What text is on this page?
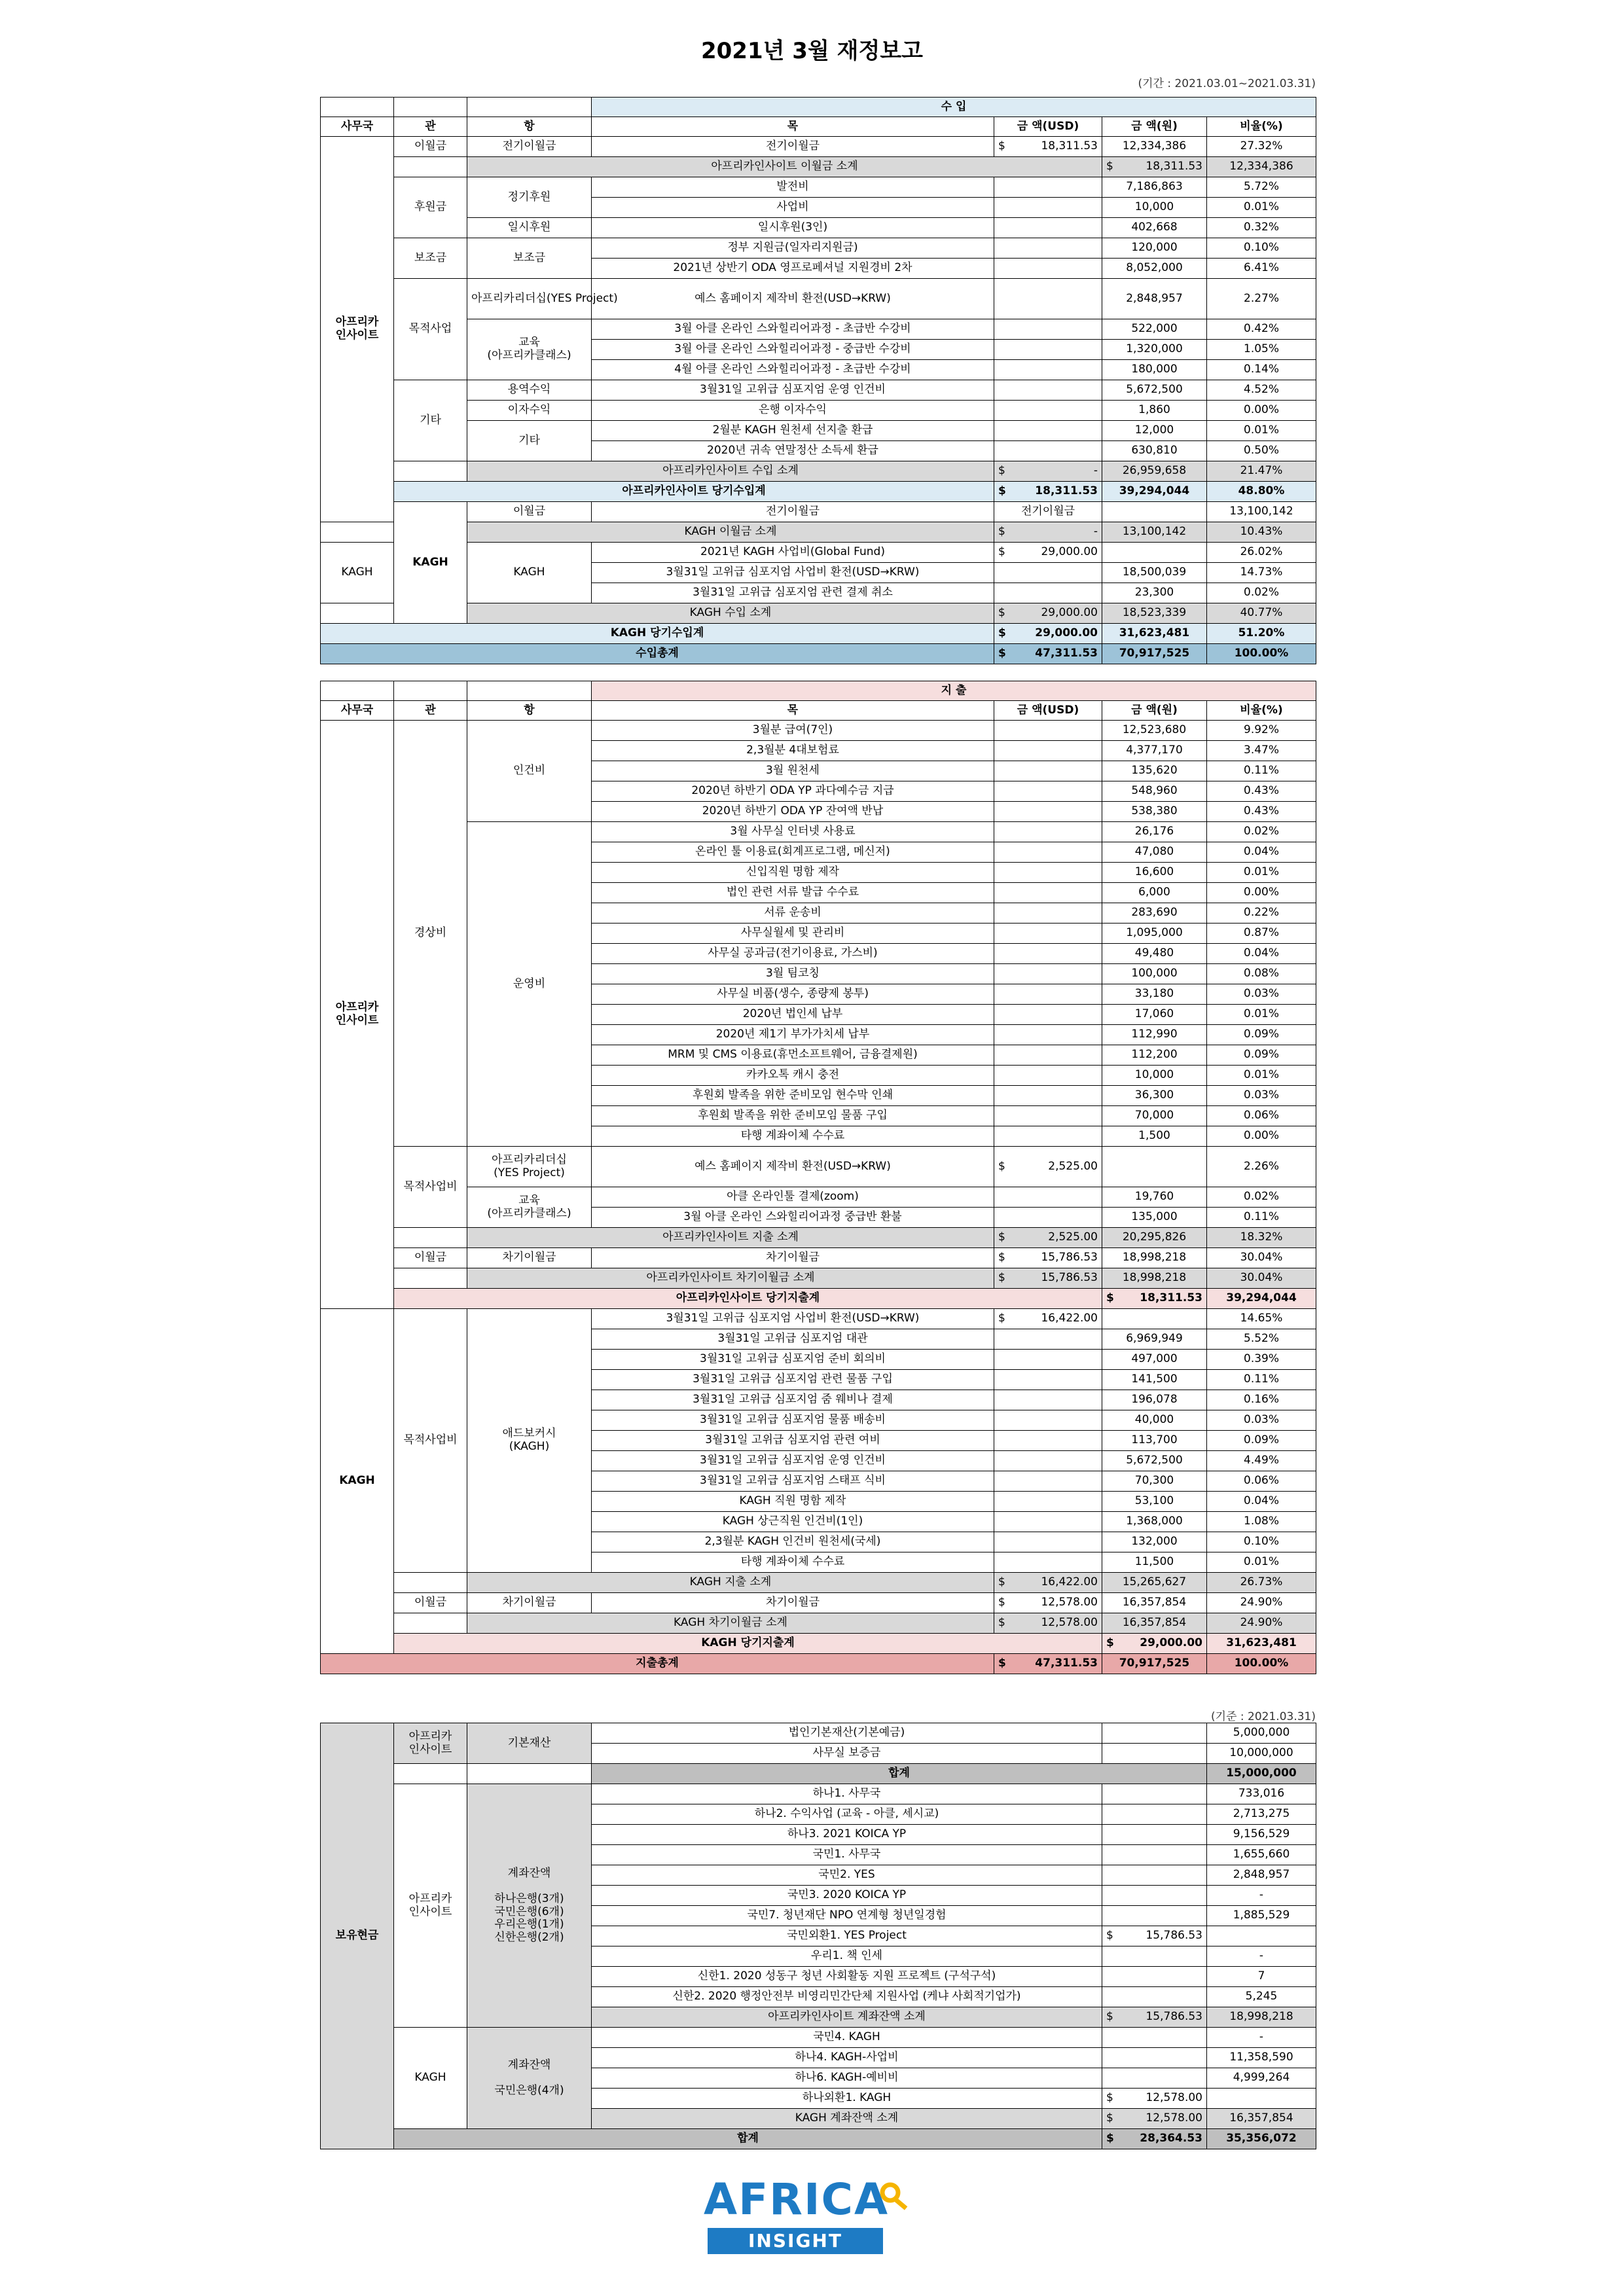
2021년 3월 재정보고
(기간 : 2021.03.01~2021.03.31)
			수 입				
사무국	관	항	목	금 액(USD)	금 액(원)	비율(%)	
아프리카
인사이트	이월금	전기이월금	전기이월금	$ 18,311.53	12,334,386	27.32%	
		아프리카인사이트 이월금 소계			$ 18,311.53	12,334,386	
	후원금	정기후원	발전비		7,186,863	5.72%	
			사업비		10,000	0.01%	
		일시후원	일시후원(3인)		402,668	0.32%	
	보조금	보조금	정부 지원금(일자리지원금)		120,000	0.10%	
			2021년 상반기 ODA 영프로페셔널 지원경비 2차		8,052,000	6.41%	
	목적사업	아프리카리더십(YES Project)	예스 홈페이지 제작비 환전(USD→KRW)		2,848,957	2.27%	
		교육
(아프리카클래스)	3월 아클 온라인 스와힐리어과정 - 초급반 수강비		522,000	0.42%	
			3월 아클 온라인 스와힐리어과정 - 중급반 수강비		1,320,000	1.05%	
			4월 아클 온라인 스와힐리어과정 - 초급반 수강비		180,000	0.14%	
	기타	용역수익	3월31일 고위급 심포지엄 운영 인건비		5,672,500	4.52%	
		이자수익	은행 이자수익		1,860	0.00%	
		기타	2월분 KAGH 원천세 선지출 환급		12,000	0.01%	
			2020년 귀속 연말정산 소득세 환급		630,810	0.50%	
		아프리카인사이트 수입 소계		$ -	26,959,658	21.47%	
	아프리카인사이트 당기수입계			$ 18,311.53	39,294,044	48.80%	
	KAGH	이월금	전기이월금	전기이월금		13,100,142	
		KAGH 이월금 소계		$ -	13,100,142	10.43%	
KAGH		KAGH	2021년 KAGH 사업비(Global Fund)	$ 29,000.00		26.02%	
			3월31일 고위급 심포지엄 사업비 환전(USD→KRW)		18,500,039	14.73%	
			3월31일 고위급 심포지엄 관련 결제 취소		23,300	0.02%	
		KAGH 수입 소계		$ 29,000.00	18,523,339	40.77%	
KAGH 당기수입계				$ 29,000.00	31,623,481	51.20%	
수입총계				$ 47,311.53	70,917,525	100.00%	
			지 출				
사무국	관	항	목	금 액(USD)	금 액(원)	비율(%)	
아프리카
인사이트	경상비	인건비	3월분 급여(7인)		12,523,680	9.92%	
			2,3월분 4대보험료		4,377,170	3.47%	
			3월 원천세		135,620	0.11%	
			2020년 하반기 ODA YP 과다예수금 지급		548,960	0.43%	
			2020년 하반기 ODA YP 잔여액 반납		538,380	0.43%	
		운영비	3월 사무실 인터넷 사용료		26,176	0.02%	
			온라인 툴 이용료(회계프로그램, 메신저)		47,080	0.04%	
			신입직원 명함 제작		16,600	0.01%	
			법인 관련 서류 발급 수수료		6,000	0.00%	
			서류 운송비		283,690	0.22%	
			사무실월세 및 관리비		1,095,000	0.87%	
			사무실 공과금(전기이용료, 가스비)		49,480	0.04%	
			3월 팀코칭		100,000	0.08%	
			사무실 비품(생수, 종량제 봉투)		33,180	0.03%	
			2020년 법인세 납부		17,060	0.01%	
			2020년 제1기 부가가치세 납부		112,990	0.09%	
			MRM 및 CMS 이용료(휴먼소프트웨어, 금융결제원)		112,200	0.09%	
			카카오톡 캐시 충전		10,000	0.01%	
			후원회 발족을 위한 준비모임 현수막 인쇄		36,300	0.03%	
			후원회 발족을 위한 준비모임 물품 구입		70,000	0.06%	
			타행 계좌이체 수수료		1,500	0.00%	
	목적사업비	아프리카리더십
(YES Project)	예스 홈페이지 제작비 환전(USD→KRW)	$ 2,525.00		2.26%	
		교육
(아프리카클래스)	아클 온라인툴 결제(zoom)		19,760	0.02%	
			3월 아클 온라인 스와힐리어과정 중급반 환불		135,000	0.11%	
		아프리카인사이트 지출 소계		$ 2,525.00	20,295,826	18.32%	
	이월금	차기이월금	차기이월금	$ 15,786.53	18,998,218	30.04%	
		아프리카인사이트 차기이월금 소계		$ 15,786.53	18,998,218	30.04%	
	아프리카인사이트 당기지출계				$ 18,311.53	39,294,044	
KAGH	목적사업비	애드보커시
(KAGH)	3월31일 고위급 심포지엄 사업비 환전(USD→KRW)	$ 16,422.00		14.65%	
			3월31일 고위급 심포지엄 대관		6,969,949	5.52%	
			3월31일 고위급 심포지엄 준비 회의비		497,000	0.39%	
			3월31일 고위급 심포지엄 관련 물품 구입		141,500	0.11%	
			3월31일 고위급 심포지엄 줌 웨비나 결제		196,078	0.16%	
			3월31일 고위급 심포지엄 물품 배송비		40,000	0.03%	
			3월31일 고위급 심포지엄 관련 여비		113,700	0.09%	
			3월31일 고위급 심포지엄 운영 인건비		5,672,500	4.49%	
			3월31일 고위급 심포지엄 스태프 식비		70,300	0.06%	
			KAGH 직원 명함 제작		53,100	0.04%	
			KAGH 상근직원 인건비(1인)		1,368,000	1.08%	
			2,3월분 KAGH 인건비 원천세(국세)		132,000	0.10%	
			타행 계좌이체 수수료		11,500	0.01%	
		KAGH 지출 소계		$ 16,422.00	15,265,627	26.73%	
	이월금	차기이월금	차기이월금	$ 12,578.00	16,357,854	24.90%	
		KAGH 차기이월금 소계		$ 12,578.00	16,357,854	24.90%	
	KAGH 당기지출계				$ 29,000.00	31,623,481	
지출총계				$ 47,311.53	70,917,525	100.00%	
(기준 : 2021.03.31)
보유현금	아프리카
인사이트	기본재산	법인기본재산(기본예금)		5,000,000
			사무실 보증금		10,000,000
			합계		15,000,000
	아프리카
인사이트	계좌잔액

하나은행(3개)
국민은행(6개)
우리은행(1개)
신한은행(2개)	하나1. 사무국		733,016
			하나2. 수익사업 (교육 - 아클, 세시교)		2,713,275
			하나3. 2021 KOICA YP		9,156,529
			국민1. 사무국		1,655,660
			국민2. YES		2,848,957
			국민3. 2020 KOICA YP		-
			국민7. 청년재단 NPO 연계형 청년일경험		1,885,529
			국민외환1. YES Project	$ 15,786.53	

			우리1. 책 인세		-
			신한1. 2020 성동구 청년 사회활동 지원 프로젝트 (구석구석)		7
			신한2. 2020 행정안전부 비영리민간단체 지원사업 (케냐 사회적기업가)		5,245
			아프리카인사이트 계좌잔액 소계	$ 15,786.53	18,998,218
	KAGH	계좌잔액

국민은행(4개)	국민4. KAGH		-
			하나4. KAGH-사업비		11,358,590
			하나6. KAGH-예비비		4,999,264
			하나외환1. KAGH	$ 12,578.00	

			KAGH 계좌잔액 소계	$ 12,578.00	16,357,854
	합계			$ 28,364.53	35,356,072
AFRICA
INSIGHT
